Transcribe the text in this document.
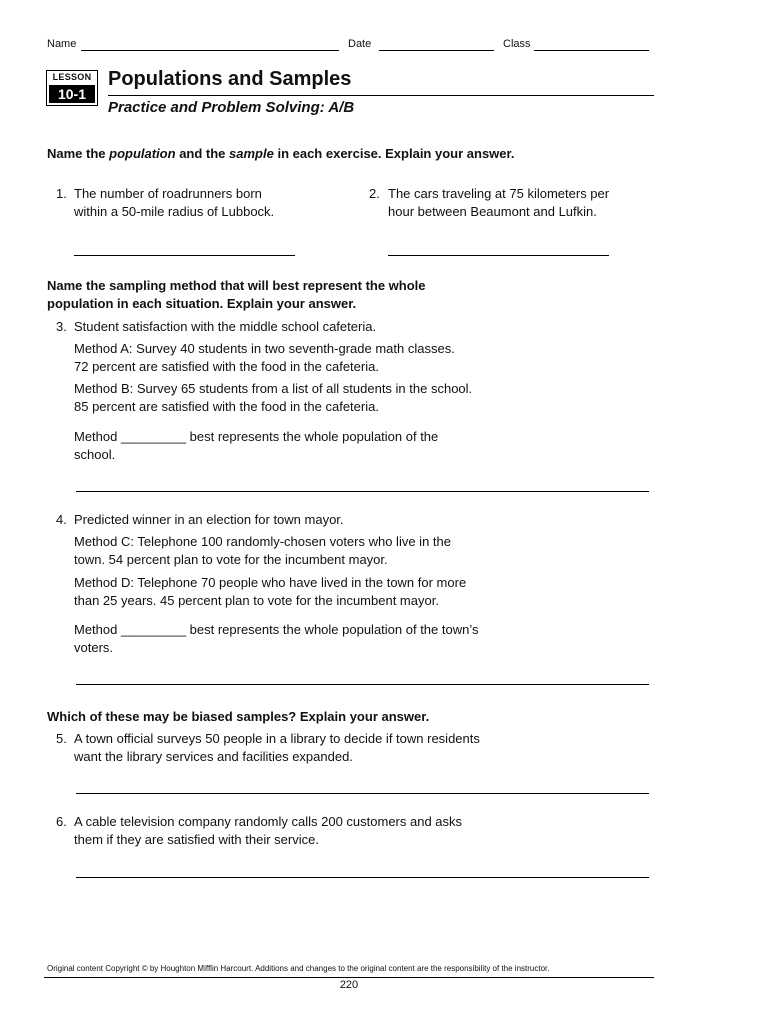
Name	Date	Class
LESSON
10-1
Populations and Samples
Practice and Problem Solving: A/B
Name the population and the sample in each exercise. Explain your answer.
1. The number of roadrunners born
within a 50-mile radius of Lubbock.
2. The cars traveling at 75 kilometers per
hour between Beaumont and Lufkin.
Name the sampling method that will best represent the whole
population in each situation. Explain your answer.
3. Student satisfaction with the middle school cafeteria.
Method A: Survey 40 students in two seventh-grade math classes.
72 percent are satisfied with the food in the cafeteria.
Method B: Survey 65 students from a list of all students in the school.
85 percent are satisfied with the food in the cafeteria.
Method _________ best represents the whole population of the
school.
4. Predicted winner in an election for town mayor.
Method C: Telephone 100 randomly-chosen voters who live in the
town. 54 percent plan to vote for the incumbent mayor.
Method D: Telephone 70 people who have lived in the town for more
than 25 years. 45 percent plan to vote for the incumbent mayor.
Method _________ best represents the whole population of the town’s
voters.
Which of these may be biased samples? Explain your answer.
5. A town official surveys 50 people in a library to decide if town residents
want the library services and facilities expanded.
6. A cable television company randomly calls 200 customers and asks
them if they are satisfied with their service.
Original content Copyright © by Houghton Mifflin Harcourt. Additions and changes to the original content are the responsibility of the instructor.
220
